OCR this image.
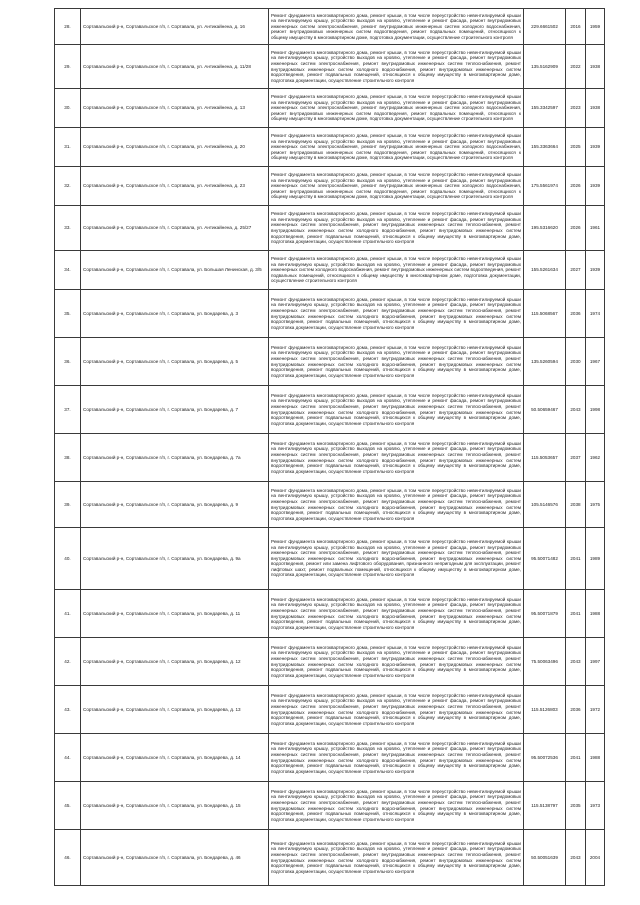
28.	Сортавальский р-н, Сортавальское г/п, г. Сортавала, ул. Антикайнена, д. 16	Ремонт фундамента многоквартирного дома, ремонт крыши, в том числе переустройство невентилируемой крыши на вентилируемую крышу, устройство выходов на кровлю, утепление и ремонт фасада, ремонт внутридомовых инженерных систем электроснабжения, ремонт внутридомовых инженерных систем холодного водоснабжения, ремонт внутридомовых инженерных систем водоотведения, ремонт подвальных помещений, относящихся к общему имуществу в многоквартирном доме, подготовка документации, осуществление строительного контроля	229.6661502	2016	1959
29.	Сортавальский р-н, Сортавальское г/п, г. Сортавала, ул. Антикайнена, д. 11/28	Ремонт фундамента многоквартирного дома, ремонт крыши, в том числе переустройство невентилируемой крыши на вентилируемую крышу, устройство выходов на кровлю, утепление и ремонт фасада, ремонт внутридомовых инженерных систем электроснабжения, ремонт внутридомовых инженерных систем теплоснабжения, ремонт внутридомовых инженерных систем холодного водоснабжения, ремонт внутридомовых инженерных систем водоотведения, ремонт подвальных помещений, относящихся к общему имуществу в многоквартирном доме, подготовка документации, осуществление строительного контроля	135.5162909	2022	1938
30.	Сортавальский р-н, Сортавальское г/п, г. Сортавала, ул. Антикайнена, д. 13	Ремонт фундамента многоквартирного дома, ремонт крыши, в том числе переустройство невентилируемой крыши на вентилируемую крышу, устройство выходов на кровлю, утепление и ремонт фасада, ремонт внутридомовых инженерных систем электроснабжения, ремонт внутридомовых инженерных систем холодного водоснабжения, ремонт внутридомовых инженерных систем водоотведения, ремонт подвальных помещений, относящихся к общему имуществу в многоквартирном доме, подготовка документации, осуществление строительного контроля	155.3342597	2023	1938
31.	Сортавальский р-н, Сортавальское г/п, г. Сортавала, ул. Антикайнена, д. 20	Ремонт фундамента многоквартирного дома, ремонт крыши, в том числе переустройство невентилируемой крыши на вентилируемую крышу, устройство выходов на кровлю, утепление и ремонт фасада, ремонт внутридомовых инженерных систем электроснабжения, ремонт внутридомовых инженерных систем холодного водоснабжения, ремонт внутридомовых инженерных систем водоотведения, ремонт подвальных помещений, относящихся к общему имуществу в многоквартирном доме, подготовка документации, осуществление строительного контроля	155.3363664	2025	1939
32.	Сортавальский р-н, Сортавальское г/п, г. Сортавала, ул. Антикайнена, д. 23	Ремонт фундамента многоквартирного дома, ремонт крыши, в том числе переустройство невентилируемой крыши на вентилируемую крышу, устройство выходов на кровлю, утепление и ремонт фасада, ремонт внутридомовых инженерных систем электроснабжения, ремонт внутридомовых инженерных систем холодного водоснабжения, ремонт внутридомовых инженерных систем водоотведения, ремонт подвальных помещений, относящихся к общему имуществу в многоквартирном доме, подготовка документации, осуществление строительного контроля	175.5561974	2026	1939
33.	Сортавальский р-н, Сортавальское г/п, г. Сортавала, ул. Антикайнена, д. 25/27	Ремонт фундамента многоквартирного дома, ремонт крыши, в том числе переустройство невентилируемой крыши на вентилируемую крышу, устройство выходов на кровлю, утепление и ремонт фасада, ремонт внутридомовых инженерных систем электроснабжения, ремонт внутридомовых инженерных систем теплоснабжения, ремонт внутридомовых инженерных систем холодного водоснабжения, ремонт внутридомовых инженерных систем водоотведения, ремонт подвальных помещений, относящихся к общему имуществу в многоквартирном доме, подготовка документации, осуществление строительного контроля	195.5316620	2026	1961
34.	Сортавальский р-н, Сортавальское г/п, г. Сортавала, ул. Большая Ленинская, д. 3/5	Ремонт фундамента многоквартирного дома, ремонт крыши, в том числе переустройство невентилируемой крыши на вентилируемую крышу, устройство выходов на кровлю, утепление и ремонт фасада, ремонт внутридомовых инженерных систем холодного водоснабжения, ремонт внутридомовых инженерных систем водоотведения, ремонт подвальных помещений, относящихся к общему имуществу в многоквартирном доме, подготовка документации, осуществление строительного контроля	155.5261634	2027	1939
35.	Сортавальский р-н, Сортавальское г/п, г. Сортавала, ул. Бондарева, д. 3	Ремонт фундамента многоквартирного дома, ремонт крыши, в том числе переустройство невентилируемой крыши на вентилируемую крышу, устройство выходов на кровлю, утепление и ремонт фасада, ремонт внутридомовых инженерных систем электроснабжения, ремонт внутридомовых инженерных систем теплоснабжения, ремонт внутридомовых инженерных систем холодного водоснабжения, ремонт внутридомовых инженерных систем водоотведения, ремонт подвальных помещений, относящихся к общему имуществу в многоквартирном доме, подготовка документации, осуществление строительного контроля	115.5068567	2036	1974
36.	Сортавальский р-н, Сортавальское г/п, г. Сортавала, ул. Бондарева, д. 5	Ремонт фундамента многоквартирного дома, ремонт крыши, в том числе переустройство невентилируемой крыши на вентилируемую крышу, устройство выходов на кровлю, утепление и ремонт фасада, ремонт внутридомовых инженерных систем электроснабжения, ремонт внутридомовых инженерных систем теплоснабжения, ремонт внутридомовых инженерных систем холодного водоснабжения, ремонт внутридомовых инженерных систем водоотведения, ремонт подвальных помещений, относящихся к общему имуществу в многоквартирном доме, подготовка документации, осуществление строительного контроля	135.5260594	2030	1967
37.	Сортавальский р-н, Сортавальское г/п, г. Сортавала, ул. Бондарева, д. 7	Ремонт фундамента многоквартирного дома, ремонт крыши, в том числе переустройство невентилируемой крыши на вентилируемую крышу, устройство выходов на кровлю, утепление и ремонт фасада, ремонт внутридомовых инженерных систем электроснабжения, ремонт внутридомовых инженерных систем теплоснабжения, ремонт внутридомовых инженерных систем холодного водоснабжения, ремонт внутридомовых инженерных систем водоотведения, ремонт подвальных помещений, относящихся к общему имуществу в многоквартирном доме, подготовка документации, осуществление строительного контроля	50.50659467	2043	1998
38.	Сортавальский р-н, Сортавальское г/п, г. Сортавала, ул. Бондарева, д. 7а	Ремонт фундамента многоквартирного дома, ремонт крыши, в том числе переустройство невентилируемой крыши на вентилируемую крышу, устройство выходов на кровлю, утепление и ремонт фасада, ремонт внутридомовых инженерных систем электроснабжения, ремонт внутридомовых инженерных систем теплоснабжения, ремонт внутридомовых инженерных систем холодного водоснабжения, ремонт внутридомовых инженерных систем водоотведения, ремонт подвальных помещений, относящихся к общему имуществу в многоквартирном доме, подготовка документации, осуществление строительного контроля	115.5053657	2037	1962
39.	Сортавальский р-н, Сортавальское г/п, г. Сортавала, ул. Бондарева, д. 9	Ремонт фундамента многоквартирного дома, ремонт крыши, в том числе переустройство невентилируемой крыши на вентилируемую крышу, устройство выходов на кровлю, утепление и ремонт фасада, ремонт внутридомовых инженерных систем электроснабжения, ремонт внутридомовых инженерных систем теплоснабжения, ремонт внутридомовых инженерных систем холодного водоснабжения, ремонт внутридомовых инженерных систем водоотведения, ремонт подвальных помещений, относящихся к общему имуществу в многоквартирном доме, подготовка документации, осуществление строительного контроля	105.5146576	2038	1975
40.	Сортавальский р-н, Сортавальское г/п, г. Сортавала, ул. Бондарева, д. 9а	Ремонт фундамента многоквартирного дома, ремонт крыши, в том числе переустройство невентилируемой крыши на вентилируемую крышу, устройство выходов на кровлю, утепление и ремонт фасада, ремонт внутридомовых инженерных систем электроснабжения, ремонт внутридомовых инженерных систем теплоснабжения, ремонт внутридомовых инженерных систем холодного водоснабжения, ремонт внутридомовых инженерных систем водоотведения, ремонт или замена лифтового оборудования, признанного непригодным для эксплуатации, ремонт лифтовых шахт, ремонт подвальных помещений, относящихся к общему имуществу в многоквартирном доме, подготовка документации, осуществление строительного контроля	95.50071482	2041	1989
41.	Сортавальский р-н, Сортавальское г/п, г. Сортавала, ул. Бондарева, д. 11	Ремонт фундамента многоквартирного дома, ремонт крыши, в том числе переустройство невентилируемой крыши на вентилируемую крышу, устройство выходов на кровлю, утепление и ремонт фасада, ремонт внутридомовых инженерных систем электроснабжения, ремонт внутридомовых инженерных систем теплоснабжения, ремонт внутридомовых инженерных систем холодного водоснабжения, ремонт внутридомовых инженерных систем водоотведения, ремонт подвальных помещений, относящихся к общему имуществу в многоквартирном доме, подготовка документации, осуществление строительного контроля	95.50071879	2041	1988
42.	Сортавальский р-н, Сортавальское г/п, г. Сортавала, ул. Бондарева, д. 12	Ремонт фундамента многоквартирного дома, ремонт крыши, в том числе переустройство невентилируемой крыши на вентилируемую крышу, устройство выходов на кровлю, утепление и ремонт фасада, ремонт внутридомовых инженерных систем электроснабжения, ремонт внутридомовых инженерных систем теплоснабжения, ремонт внутридомовых инженерных систем холодного водоснабжения, ремонт внутридомовых инженерных систем водоотведения, ремонт подвальных помещений, относящихся к общему имуществу в многоквартирном доме, подготовка документации, осуществление строительного контроля	75.50063496	2043	1997
43.	Сортавальский р-н, Сортавальское г/п, г. Сортавала, ул. Бондарева, д. 13	Ремонт фундамента многоквартирного дома, ремонт крыши, в том числе переустройство невентилируемой крыши на вентилируемую крышу, устройство выходов на кровлю, утепление и ремонт фасада, ремонт внутридомовых инженерных систем электроснабжения, ремонт внутридомовых инженерных систем теплоснабжения, ремонт внутридомовых инженерных систем холодного водоснабжения, ремонт внутридомовых инженерных систем водоотведения, ремонт подвальных помещений, относящихся к общему имуществу в многоквартирном доме, подготовка документации, осуществление строительного контроля	115.5126803	2036	1972
44.	Сортавальский р-н, Сортавальское г/п, г. Сортавала, ул. Бондарева, д. 14	Ремонт фундамента многоквартирного дома, ремонт крыши, в том числе переустройство невентилируемой крыши на вентилируемую крышу, устройство выходов на кровлю, утепление и ремонт фасада, ремонт внутридомовых инженерных систем электроснабжения, ремонт внутридомовых инженерных систем теплоснабжения, ремонт внутридомовых инженерных систем холодного водоснабжения, ремонт внутридомовых инженерных систем водоотведения, ремонт подвальных помещений, относящихся к общему имуществу в многоквартирном доме, подготовка документации, осуществление строительного контроля	95.50072536	2041	1988
45.	Сортавальский р-н, Сортавальское г/п, г. Сортавала, ул. Бондарева, д. 15	Ремонт фундамента многоквартирного дома, ремонт крыши, в том числе переустройство невентилируемой крыши на вентилируемую крышу, устройство выходов на кровлю, утепление и ремонт фасада, ремонт внутридомовых инженерных систем электроснабжения, ремонт внутридомовых инженерных систем теплоснабжения, ремонт внутридомовых инженерных систем холодного водоснабжения, ремонт внутридомовых инженерных систем водоотведения, ремонт подвальных помещений, относящихся к общему имуществу в многоквартирном доме, подготовка документации, осуществление строительного контроля	115.5138797	2035	1973
46.	Сортавальский р-н, Сортавальское г/п, г. Сортавала, ул. Бондарева, д. 46	Ремонт фундамента многоквартирного дома, ремонт крыши, в том числе переустройство невентилируемой крыши на вентилируемую крышу, устройство выходов на кровлю, утепление и ремонт фасада, ремонт внутридомовых инженерных систем электроснабжения, ремонт внутридомовых инженерных систем теплоснабжения, ремонт внутридомовых инженерных систем холодного водоснабжения, ремонт внутридомовых инженерных систем водоотведения, ремонт подвальных помещений, относящихся к общему имуществу в многоквартирном доме, подготовка документации, осуществление строительного контроля	50.50051639	2043	2004
